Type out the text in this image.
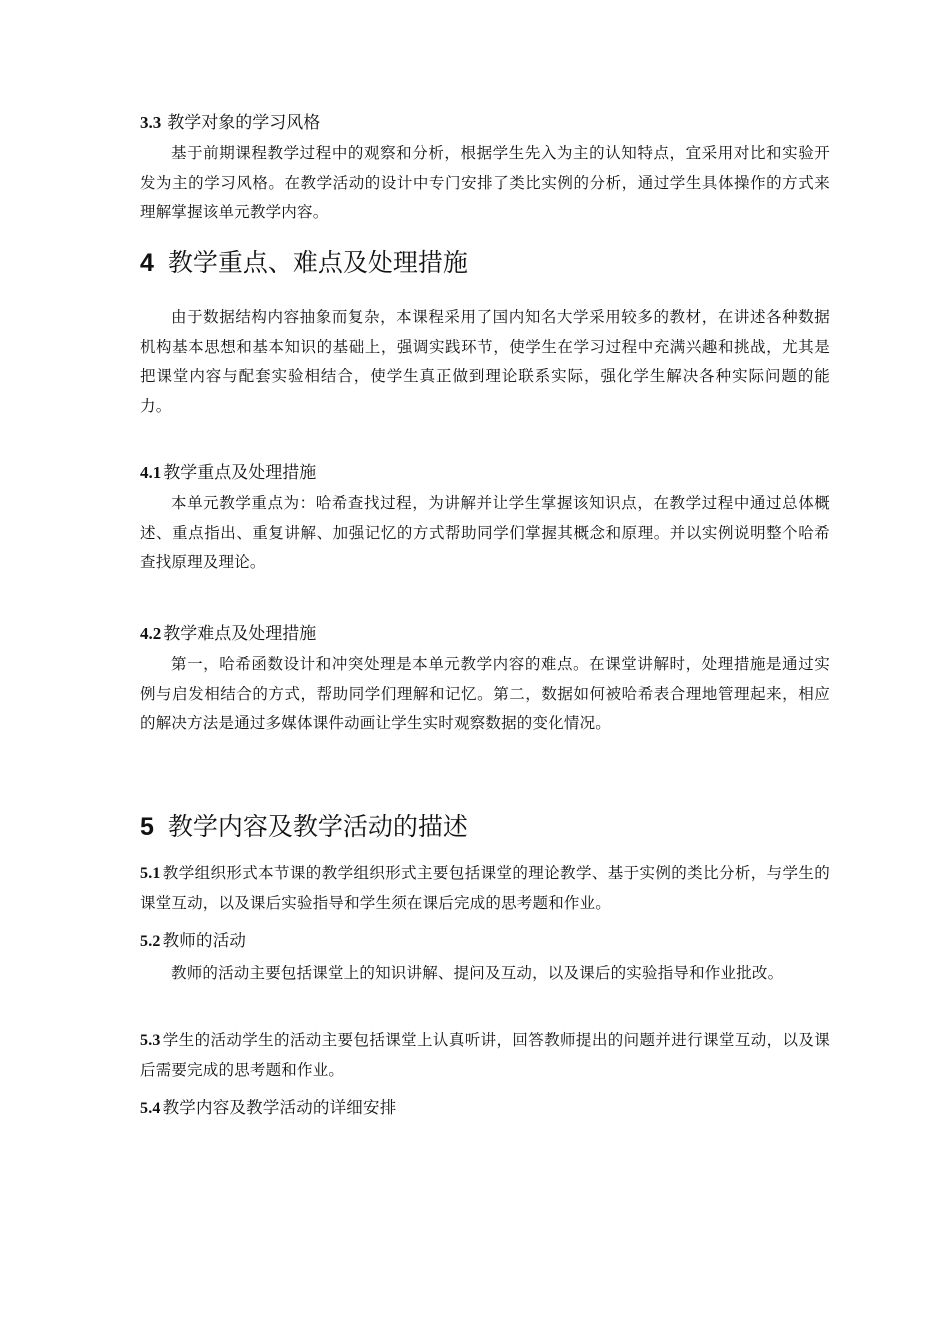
3.3 教学对象的学习风格
基于前期课程教学过程中的观察和分析，根据学生先入为主的认知特点，宜采用对比和实验开发为主的学习风格。在教学活动的设计中专门安排了类比实例的分析，通过学生具体操作的方式来理解掌握该单元教学内容。
4 教学重点、难点及处理措施
由于数据结构内容抽象而复杂，本课程采用了国内知名大学采用较多的教材，在讲述各种数据机构基本思想和基本知识的基础上，强调实践环节，使学生在学习过程中充满兴趣和挑战，尤其是把课堂内容与配套实验相结合，使学生真正做到理论联系实际，强化学生解决各种实际问题的能力。
4.1 教学重点及处理措施
本单元教学重点为：哈希查找过程，为讲解并让学生掌握该知识点，在教学过程中通过总体概述、重点指出、重复讲解、加强记忆的方式帮助同学们掌握其概念和原理。并以实例说明整个哈希查找原理及理论。
4.2 教学难点及处理措施
第一，哈希函数设计和冲突处理是本单元教学内容的难点。在课堂讲解时，处理措施是通过实例与启发相结合的方式，帮助同学们理解和记忆。第二，数据如何被哈希表合理地管理起来，相应的解决方法是通过多媒体课件动画让学生实时观察数据的变化情况。
5 教学内容及教学活动的描述
5.1 教学组织形式本节课的教学组织形式主要包括课堂的理论教学、基于实例的类比分析，与学生的课堂互动，以及课后实验指导和学生须在课后完成的思考题和作业。
5.2 教师的活动
教师的活动主要包括课堂上的知识讲解、提问及互动，以及课后的实验指导和作业批改。
5.3 学生的活动学生的活动主要包括课堂上认真听讲，回答教师提出的问题并进行课堂互动，以及课后需要完成的思考题和作业。
5.4 教学内容及教学活动的详细安排
